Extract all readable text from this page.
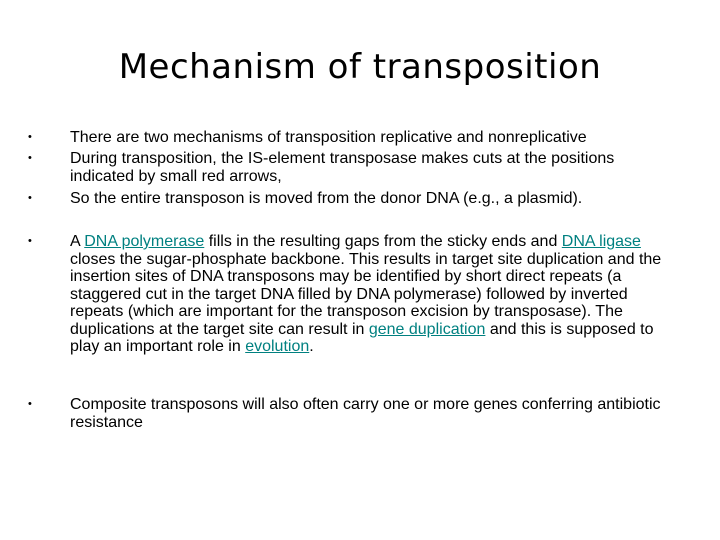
Mechanism of transposition
• There are two mechanisms of transposition replicative and nonreplicative
• During transposition, the IS-element transposase makes cuts at the positions indicated by small red arrows,
• So the entire transposon is moved from the donor DNA (e.g., a plasmid).
• A DNA polymerase fills in the resulting gaps from the sticky ends and DNA ligase closes the sugar-phosphate backbone. This results in target site duplication and the insertion sites of DNA transposons may be identified by short direct repeats (a staggered cut in the target DNA filled by DNA polymerase) followed by inverted repeats (which are important for the transposon excision by transposase). The duplications at the target site can result in gene duplication and this is supposed to play an important role in evolution.
• Composite transposons will also often carry one or more genes conferring antibiotic resistance
